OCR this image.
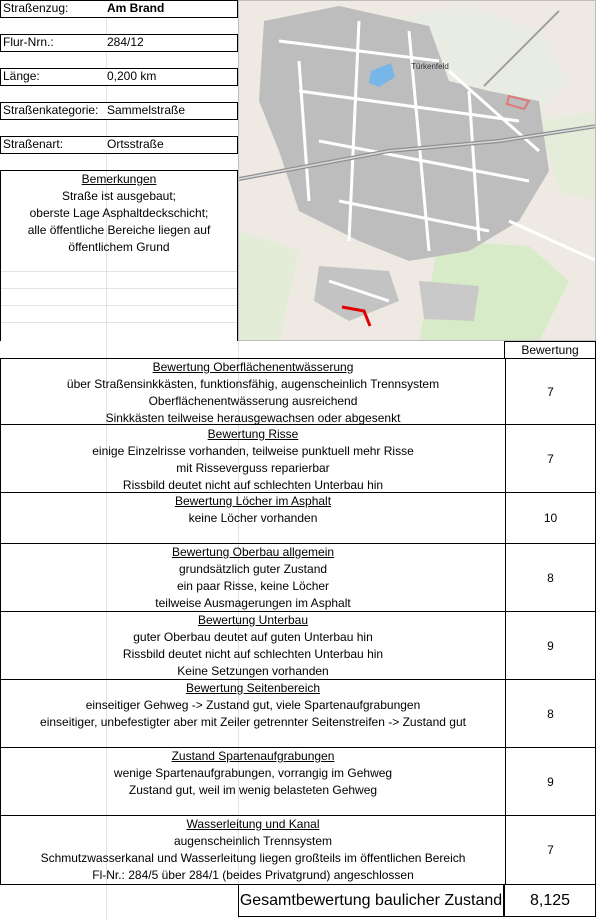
Straßenzug:	Am Brand
Flur-Nrn.:	284/12
Länge:	0,200 km
Straßenkategorie: Sammelstraße
Straßenart:	Ortsstraße
Bemerkungen
Straße ist ausgebaut;
oberste Lage Asphaltdeckschicht;
alle öffentliche Bereiche liegen auf
öffentlichem Grund
Türkenfeld
Bewertung
Bewertung Oberflächenentwässerung
über Straßensinkkästen, funktionsfähig, augenscheinlich Trennsystem
Oberflächenentwässerung ausreichend
Sinkkästen teilweise herausgewachsen oder abgesenkt
7
Bewertung Risse
einige Einzelrisse vorhanden, teilweise punktuell mehr Risse
mit Risseverguss reparierbar
Rissbild deutet nicht auf schlechten Unterbau hin
7
Bewertung Löcher im Asphalt
keine Löcher vorhanden	10
Bewertung Oberbau allgemein
grundsätzlich guter Zustand
ein paar Risse, keine Löcher
teilweise Ausmagerungen im Asphalt
8
Bewertung Unterbau
guter Oberbau deutet auf guten Unterbau hin
Rissbild deutet nicht auf schlechten Unterbau hin
Keine Setzungen vorhanden
9
Bewertung Seitenbereich
einseitiger Gehweg -> Zustand gut, viele Spartenaufgrabungen
einseitiger, unbefestigter aber mit Zeiler getrennter Seitenstreifen -> Zustand gut
8
Zustand Spartenaufgrabungen
wenige Spartenaufgrabungen, vorrangig im Gehweg
Zustand gut, weil im wenig belasteten Gehweg
9
Wasserleitung und Kanal
augenscheinlich Trennsystem
Schmutzwasserkanal und Wasserleitung liegen großteils im öffentlichen Bereich
Fl-Nr.: 284/5 über 284/1 (beides Privatgrund) angeschlossen
7
Gesamtbewertung baulicher Zustand	8,125
